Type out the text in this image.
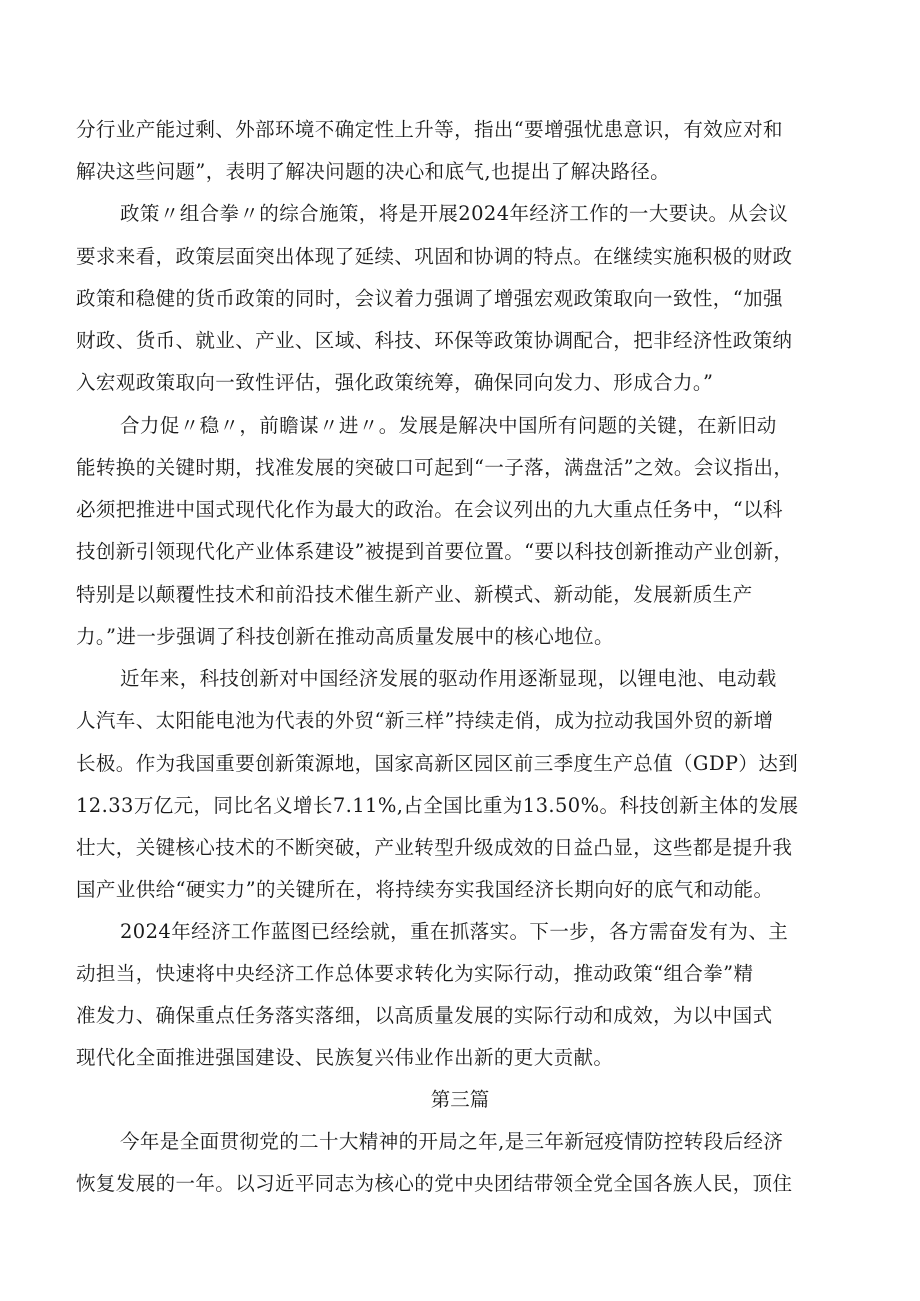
分行业产能过剩、外部环境不确定性上升等，指出“要增强忧患意识，有效应对和
解决这些问题”，表明了解决问题的决心和底气,也提出了解决路径。
政策〃组合拳〃的综合施策，将是开展2024年经济工作的一大要诀。从会议
要求来看，政策层面突出体现了延续、巩固和协调的特点。在继续实施积极的财政
政策和稳健的货币政策的同时，会议着力强调了增强宏观政策取向一致性，“加强
财政、货币、就业、产业、区域、科技、环保等政策协调配合，把非经济性政策纳
入宏观政策取向一致性评估，强化政策统筹，确保同向发力、形成合力。”
合力促〃稳〃，前瞻谋〃进〃。发展是解决中国所有问题的关键，在新旧动
能转换的关键时期，找准发展的突破口可起到“一子落，满盘活”之效。会议指出，
必须把推进中国式现代化作为最大的政治。在会议列出的九大重点任务中，“以科
技创新引领现代化产业体系建设”被提到首要位置。“要以科技创新推动产业创新，
特别是以颠覆性技术和前沿技术催生新产业、新模式、新动能，发展新质生产
力。”进一步强调了科技创新在推动高质量发展中的核心地位。
近年来，科技创新对中国经济发展的驱动作用逐渐显现，以锂电池、电动载
人汽车、太阳能电池为代表的外贸“新三样”持续走俏，成为拉动我国外贸的新增
长极。作为我国重要创新策源地，国家高新区园区前三季度生产总值（GDP）达到
12.33万亿元，同比名义增长7.11%,占全国比重为13.50%。科技创新主体的发展
壮大，关键核心技术的不断突破，产业转型升级成效的日益凸显，这些都是提升我
国产业供给“硬实力”的关键所在，将持续夯实我国经济长期向好的底气和动能。
2024年经济工作蓝图已经绘就，重在抓落实。下一步，各方需奋发有为、主
动担当，快速将中央经济工作总体要求转化为实际行动，推动政策“组合拳”精
准发力、确保重点任务落实落细，以高质量发展的实际行动和成效，为以中国式
现代化全面推进强国建设、民族复兴伟业作出新的更大贡献。
第三篇
今年是全面贯彻党的二十大精神的开局之年,是三年新冠疫情防控转段后经济
恢复发展的一年。以习近平同志为核心的党中央团结带领全党全国各族人民，顶住
